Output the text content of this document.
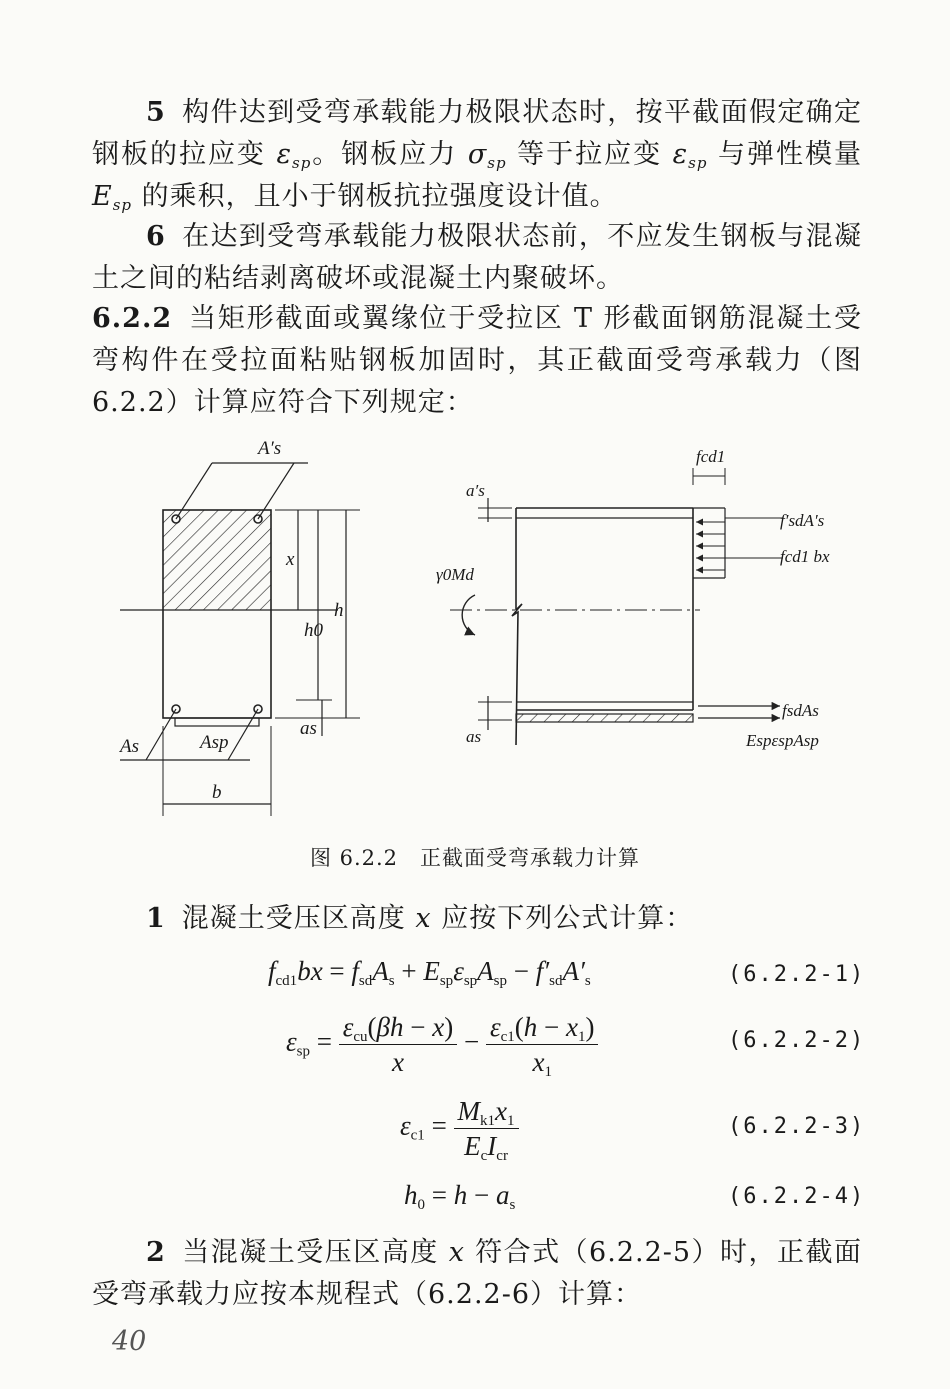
5 构件达到受弯承载能力极限状态时，按平截面假定确定钢板的拉应变 $\varepsilon_{sp}$。钢板应力 $\sigma_{sp}$ 等于拉应变 $\varepsilon_{sp}$ 与弹性模量 $E_{sp}$ 的乘积，且小于钢板抗拉强度设计值。
6 在达到受弯承载能力极限状态前，不应发生钢板与混凝土之间的粘结剥离破坏或混凝土内聚破坏。
6.2.2 当矩形截面或翼缘位于受拉区 T 形截面钢筋混凝土受弯构件在受拉面粘贴钢板加固时，其正截面受弯承载力（图 6.2.2）计算应符合下列规定：
A′s
As	Asp
b
x
h0
h
as
a′s
as
fcd1
γ0Md
f′sdA′s
fcd1 bx
fsdAs
EspεspAsp
图 6.2.2　正截面受弯承载力计算
1 混凝土受压区高度 x 应按下列公式计算：
$f_{cd1}bx = f_{sd}A_s + E_{sp}\varepsilon_{sp}A_{sp} - f'_{sd}A'_s$	(6.2.2-1)
$\varepsilon_{sp} = \frac{\varepsilon_{cu}(\beta h - x)}{x} - \frac{\varepsilon_{c1}(h - x_1)}{x_1}$	(6.2.2-2)
$\varepsilon_{c1} = \frac{M_{k1}x_1}{E_cI_{cr}}$	(6.2.2-3)
$h_0 = h - a_s$	(6.2.2-4)
2 当混凝土受压区高度 x 符合式（6.2.2-5）时，正截面受弯承载力应按本规程式（6.2.2-6）计算：
40
